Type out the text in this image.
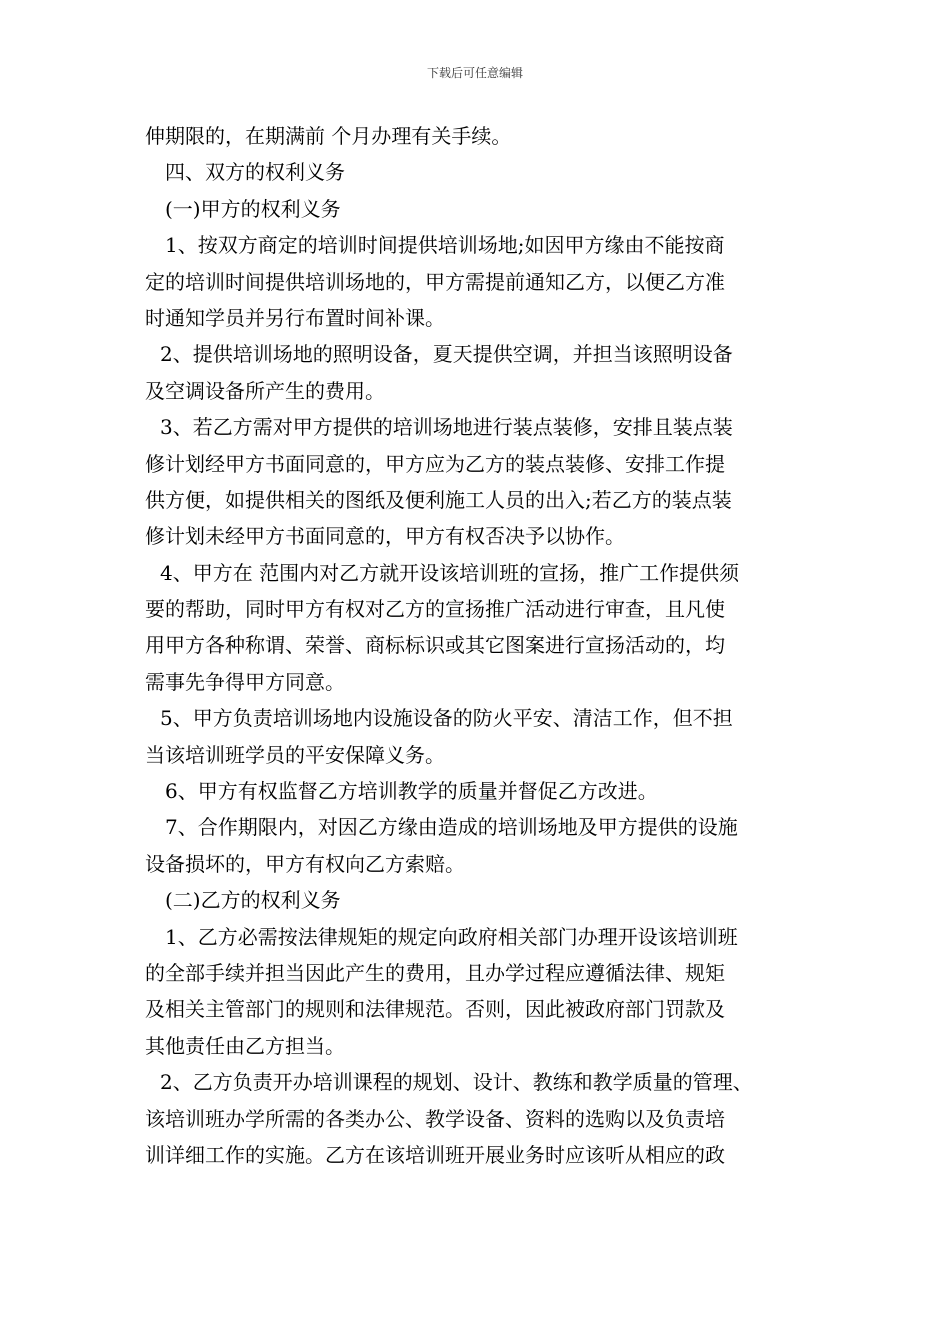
下载后可任意编辑
伸期限的，在期满前 个月办理有关手续。
四、双方的权利义务
(一)甲方的权利义务
1、按双方商定的培训时间提供培训场地;如因甲方缘由不能按商
定的培训时间提供培训场地的，甲方需提前通知乙方，以便乙方准
时通知学员并另行布置时间补课。
2、提供培训场地的照明设备，夏天提供空调，并担当该照明设备
及空调设备所产生的费用。
3、若乙方需对甲方提供的培训场地进行装点装修，安排且装点装
修计划经甲方书面同意的，甲方应为乙方的装点装修、安排工作提
供方便，如提供相关的图纸及便利施工人员的出入;若乙方的装点装
修计划未经甲方书面同意的，甲方有权否决予以协作。
4、甲方在 范围内对乙方就开设该培训班的宣扬，推广工作提供须
要的帮助，同时甲方有权对乙方的宣扬推广活动进行审查，且凡使
用甲方各种称谓、荣誉、商标标识或其它图案进行宣扬活动的，均
需事先争得甲方同意。
5、甲方负责培训场地内设施设备的防火平安、清洁工作，但不担
当该培训班学员的平安保障义务。
6、甲方有权监督乙方培训教学的质量并督促乙方改进。
7、合作期限内，对因乙方缘由造成的培训场地及甲方提供的设施
设备损坏的，甲方有权向乙方索赔。
(二)乙方的权利义务
1、乙方必需按法律规矩的规定向政府相关部门办理开设该培训班
的全部手续并担当因此产生的费用，且办学过程应遵循法律、规矩
及相关主管部门的规则和法律规范。否则，因此被政府部门罚款及
其他责任由乙方担当。
2、乙方负责开办培训课程的规划、设计、教练和教学质量的管理、
该培训班办学所需的各类办公、教学设备、资料的选购以及负责培
训详细工作的实施。乙方在该培训班开展业务时应该听从相应的政
